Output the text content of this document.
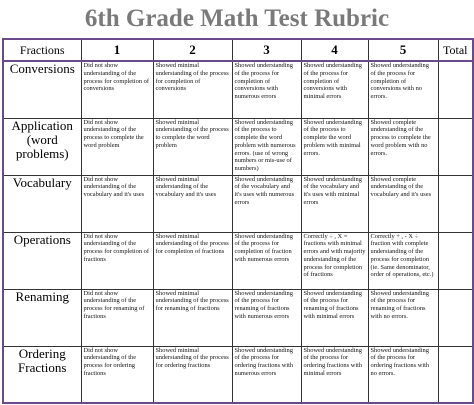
6th Grade Math Test Rubric
Fractions	1	2	3	4	5	Total
Conversions	Did not show understanding of the process for completion of conversions	Showed minimal understanding of the process for completion of conversions	Showed understanding of the process for completion of conversions with numerous errors	Showed understanding of the process for completion of conversions with minimal errors	Showed understanding of the process for completion of conversions with no errors.	
Application (word problems)	Did not show understanding of the process to complete the word problem	Showed minimal understanding of the process to complete the word problem	Showed understanding of the process to complete the word problem with numerous errors. (use of wrong numbers or mis-use of numbers)	Showed understanding of the process to complete the word problem with minimal errors.	Showed complete understanding of the process to complete the word problem with no errors.	
Vocabulary	Did not show understanding of the vocabulary and it's uses	Showed minimal understanding of the vocabulary and it's uses	Showed understanding of the vocabulary and it's uses with numerous errors	Showed understanding of the vocabulary and it's uses with minimal errors	Showed complete understanding of the vocabulary and it's uses	
Operations	Did not show understanding of the process for completion of fractions	Showed minimal understanding of the process for completion of fractions	Showed understanding of the process for completion of fraction with numerous errors	Correctly ÷ , X = fractions with minimal errors and with majority understanding of the process for completion of fractions	Correctly + , - X ÷ fraction with complete understanding of the process for completion (ie. Same denominator, order of operations, etc.)	
Renaming	Did not show understanding of the process for renaming of fractions	Showed minimal understanding of the process for renaming of fractions	Showed understanding of the process for renaming of fractions with numerous errors	Showed understanding of the process for renaming of fractions with minimal errors	Showed understanding of the process for renaming of fractions with no errors.	
Ordering Fractions	Did not show understanding of the process for ordering fractions	Showed minimal understanding of the process for ordering fractions	Showed understanding of the process for ordering fractions with numerous errors	Showed understanding of the process for ordering fractions with minimal errors	Showed understanding of the process for ordering fractions with no errors.	
